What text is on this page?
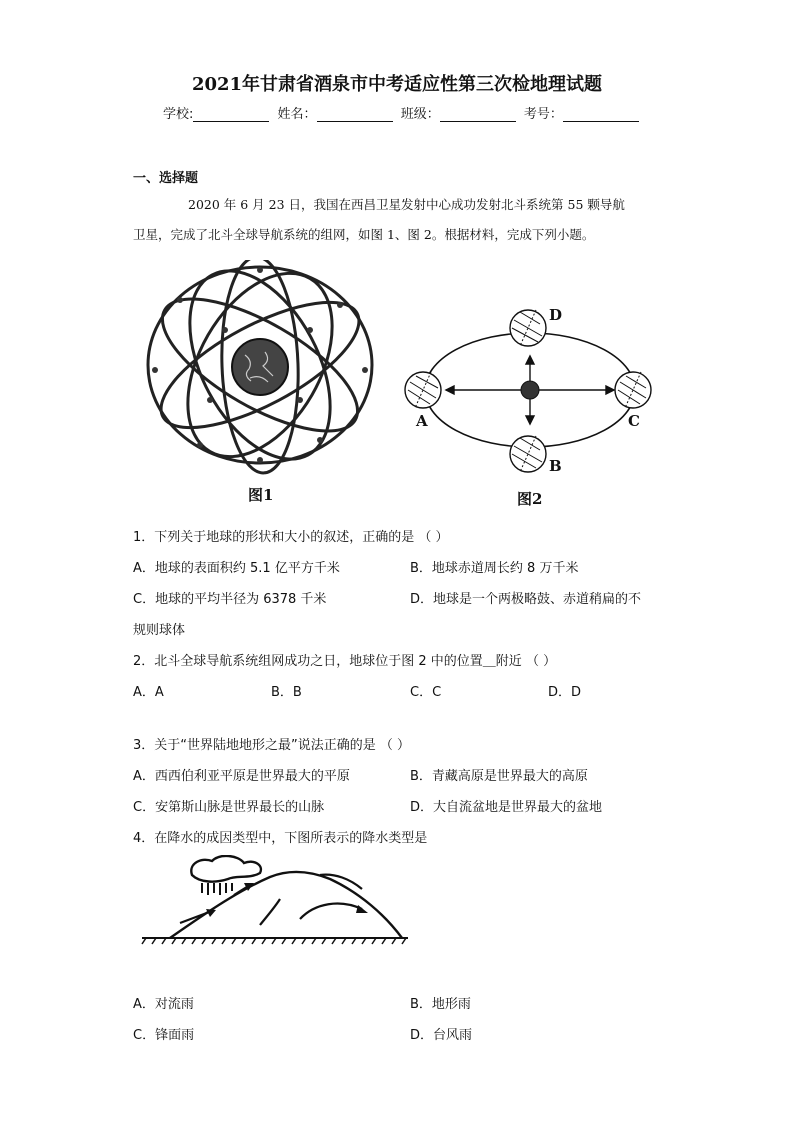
2021年甘肃省酒泉市中考适应性第三次检地理试题
学校:	姓名：	班级：	考号：
一、选择题
2020 年 6 月 23 日，我国在西昌卫星发射中心成功发射北斗系统第 55 颗导航
卫星，完成了北斗全球导航系统的组网，如图 1、图 2。根据材料，完成下列小题。
图1
D
A	C
B
图2
1．下列关于地球的形状和大小的叙述，正确的是 （ ）
A．地球的表面积约 5.1 亿平方千米	B．地球赤道周长约 8 万千米
C．地球的平均半径为 6378 千米	D．地球是一个两极略鼓、赤道稍扁的不
规则球体
2．北斗全球导航系统组网成功之日，地球位于图 2 中的位置＿附近 （ ）
A．A	B．B	C．C	D．D
3．关于“世界陆地地形之最”说法正确的是 （ ）
A．西西伯利亚平原是世界最大的平原	B．青藏高原是世界最大的高原
C．安第斯山脉是世界最长的山脉	D．大自流盆地是世界最大的盆地
4．在降水的成因类型中，下图所表示的降水类型是
A．对流雨	B．地形雨
C．锋面雨	D．台风雨
